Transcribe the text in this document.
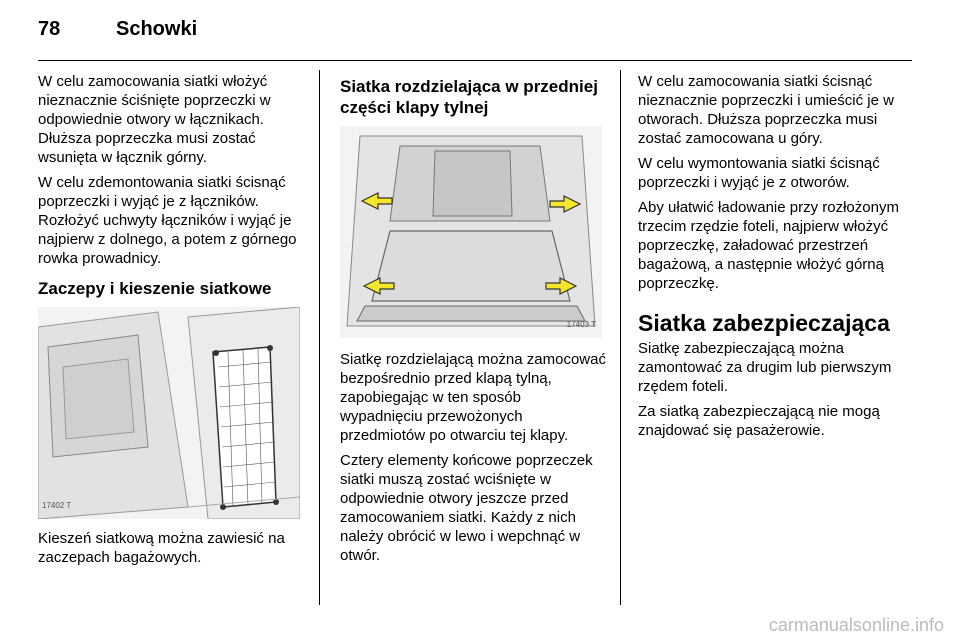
78	Schowki

W celu zamocowania siatki włożyć nieznacznie ściśnięte poprzeczki w odpowiednie otwory w łącznikach. Dłuższa poprzeczka musi zostać wsunięta w łącznik górny.

W celu zdemontowania siatki ścisnąć poprzeczki i wyjąć je z łączników. Rozłożyć uchwyty łączników i wyjąć je najpierw z dolnego, a potem z górnego rowka prowadnicy.

Zaczepy i kieszenie siatkowe
17402 T

Kieszeń siatkową można zawiesić na zaczepach bagażowych.

Siatka rozdzielająca w przedniej części klapy tylnej
17403 T

Siatkę rozdzielającą można zamocować bezpośrednio przed klapą tylną, zapobiegając w ten sposób wypadnięciu przewożonych przedmiotów po otwarciu tej klapy.

Cztery elementy końcowe poprzeczek siatki muszą zostać wciśnięte w odpowiednie otwory jeszcze przed zamocowaniem siatki. Każdy z nich należy obrócić w lewo i wepchnąć w otwór.

W celu zamocowania siatki ścisnąć nieznacznie poprzeczki i umieścić je w otworach. Dłuższa poprzeczka musi zostać zamocowana u góry.

W celu wymontowania siatki ścisnąć poprzeczki i wyjąć je z otworów.

Aby ułatwić ładowanie przy rozłożonym trzecim rzędzie foteli, najpierw włożyć poprzeczkę, załadować przestrzeń bagażową, a następnie włożyć górną poprzeczkę.

Siatka zabezpieczająca

Siatkę zabezpieczającą można zamontować za drugim lub pierwszym rzędem foteli.

Za siatką zabezpieczającą nie mogą znajdować się pasażerowie.

carmanualsonline.info
